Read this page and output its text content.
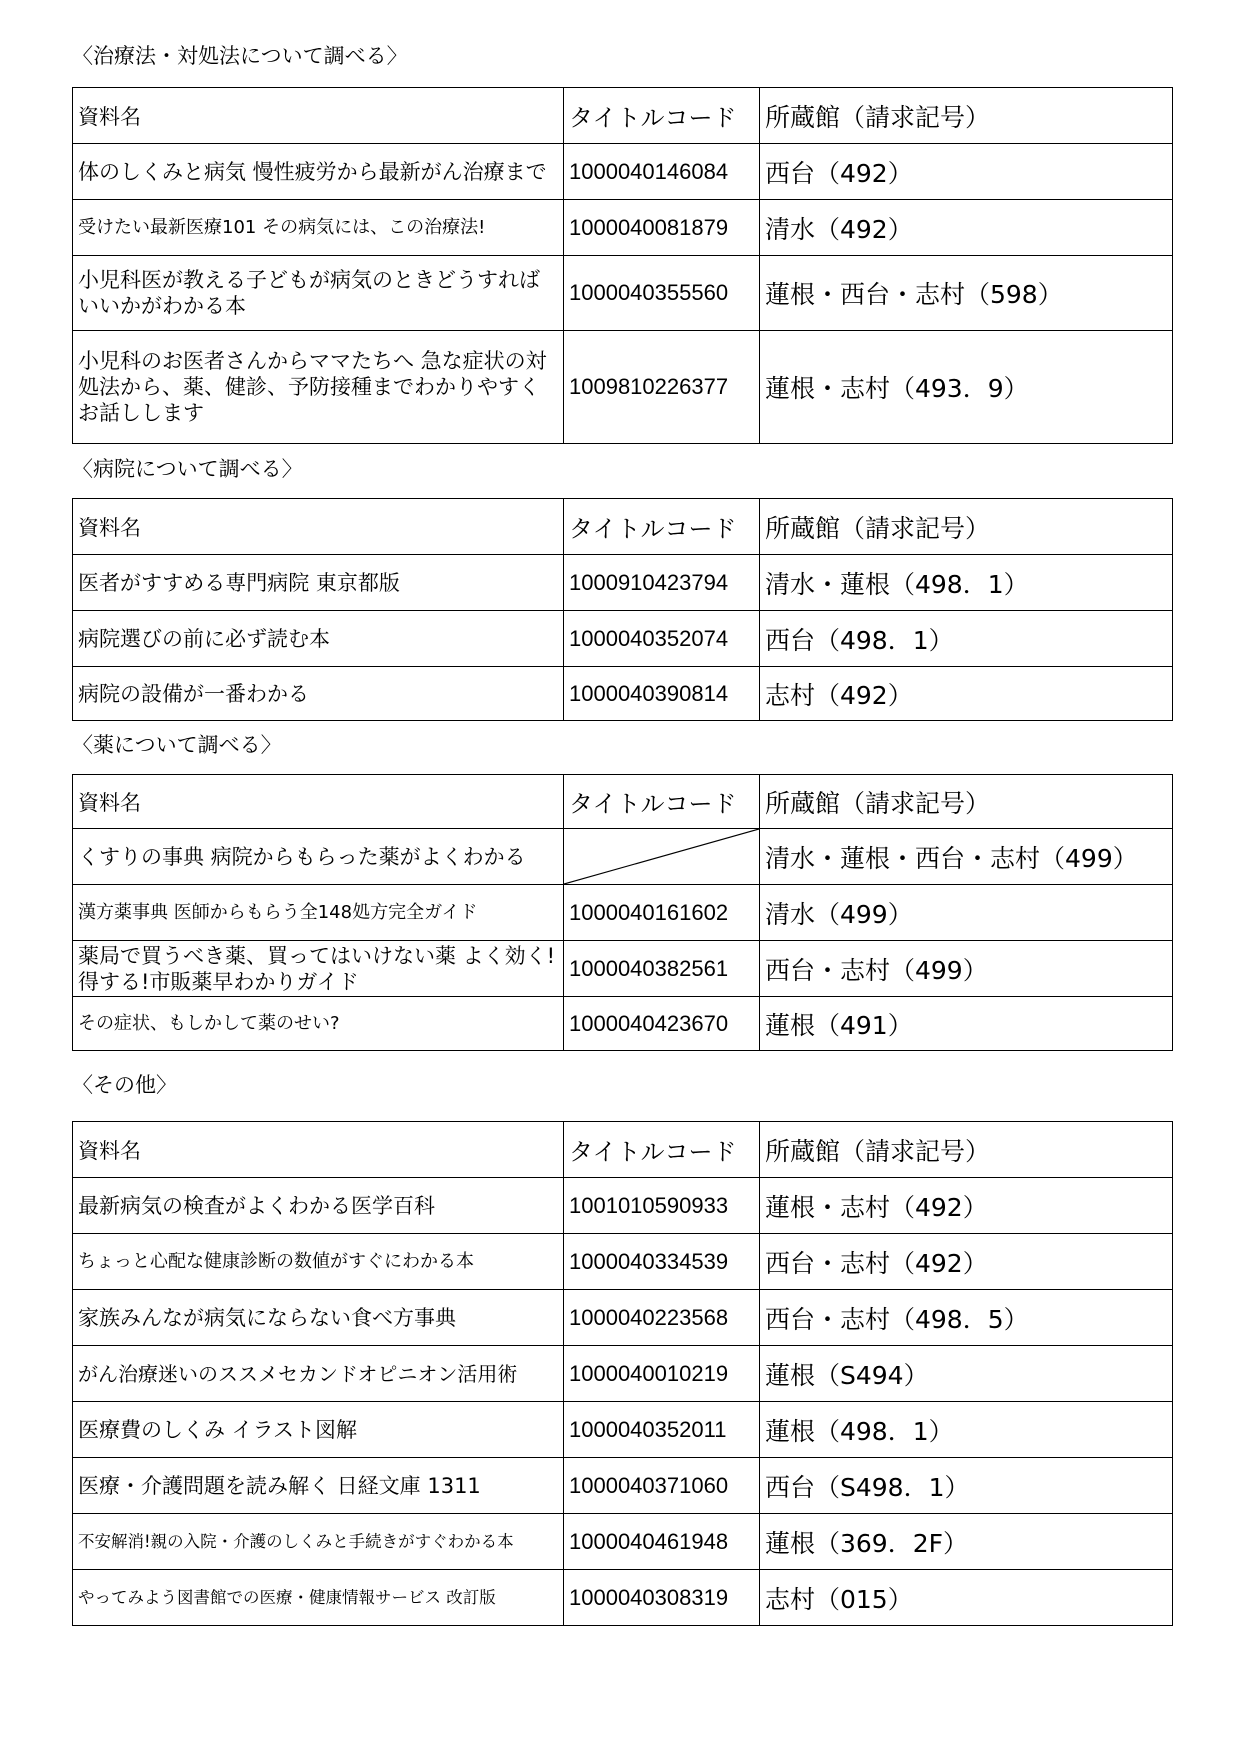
〈治療法・対処法について調べる〉
資料名	タイトルコード	所蔵館（請求記号）

体のしくみと病気 慢性疲労から最新がん治療まで	1000040146084	西台（492）

受けたい最新医療101 その病気には、この治療法!	1000040081879	清水（492）

小児科医が教える子どもが病気のときどうすればいいかがわかる本	1000040355560	蓮根・西台・志村（598）

小児科のお医者さんからママたちへ 急な症状の対処法から、薬、健診、予防接種までわかりやすくお話しします	1009810226377	蓮根・志村（493．9）
〈病院について調べる〉
資料名	タイトルコード	所蔵館（請求記号）

医者がすすめる専門病院 東京都版	1000910423794	清水・蓮根（498．1）

病院選びの前に必ず読む本	1000040352074	西台（498．1）

病院の設備が一番わかる	1000040390814	志村（492）
〈薬について調べる〉
資料名	タイトルコード	所蔵館（請求記号）

くすりの事典 病院からもらった薬がよくわかる		清水・蓮根・西台・志村（499）

漢方薬事典 医師からもらう全148処方完全ガイド	1000040161602	清水（499）

薬局で買うべき薬、買ってはいけない薬 よく効く!得する!市販薬早わかりガイド	1000040382561	西台・志村（499）

その症状、もしかして薬のせい?	1000040423670	蓮根（491）
〈その他〉
資料名	タイトルコード	所蔵館（請求記号）

最新病気の検査がよくわかる医学百科	1001010590933	蓮根・志村（492）

ちょっと心配な健康診断の数値がすぐにわかる本	1000040334539	西台・志村（492）

家族みんなが病気にならない食べ方事典	1000040223568	西台・志村（498．5）

がん治療迷いのススメセカンドオピニオン活用術	1000040010219	蓮根（S494）

医療費のしくみ イラスト図解	1000040352011	蓮根（498．1）

医療・介護問題を読み解く 日経文庫 1311	1000040371060	西台（S498．1）

不安解消!親の入院・介護のしくみと手続きがすぐわかる本	1000040461948	蓮根（369．2F）

やってみよう図書館での医療・健康情報サービス 改訂版	1000040308319	志村（015）
